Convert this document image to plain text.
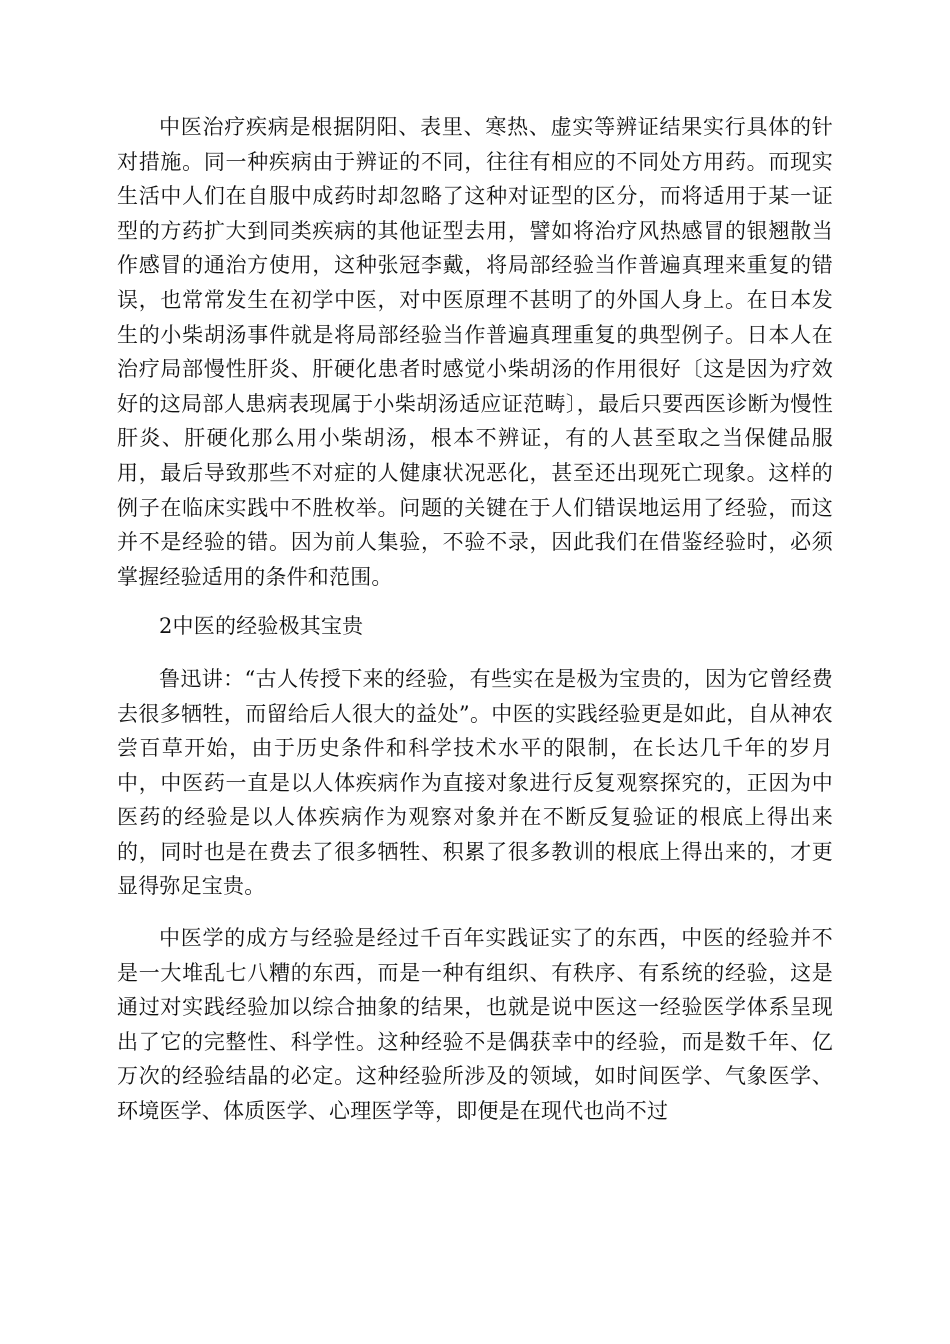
中医治疗疾病是根据阴阳、表里、寒热、虚实等辨证结果实行具体的针对措施。同一种疾病由于辨证的不同，往往有相应的不同处方用药。而现实生活中人们在自服中成药时却忽略了这种对证型的区分，而将适用于某一证型的方药扩大到同类疾病的其他证型去用，譬如将治疗风热感冒的银翘散当作感冒的通治方使用，这种张冠李戴，将局部经验当作普遍真理来重复的错误，也常常发生在初学中医，对中医原理不甚明了的外国人身上。在日本发生的小柴胡汤事件就是将局部经验当作普遍真理重复的典型例子。日本人在治疗局部慢性肝炎、肝硬化患者时感觉小柴胡汤的作用很好〔这是因为疗效好的这局部人患病表现属于小柴胡汤适应证范畴〕，最后只要西医诊断为慢性肝炎、肝硬化那么用小柴胡汤，根本不辨证，有的人甚至取之当保健品服用，最后导致那些不对症的人健康状况恶化，甚至还出现死亡现象。这样的例子在临床实践中不胜枚举。问题的关键在于人们错误地运用了经验，而这并不是经验的错。因为前人集验，不验不录，因此我们在借鉴经验时，必须掌握经验适用的条件和范围。

2中医的经验极其宝贵

鲁迅讲：“古人传授下来的经验，有些实在是极为宝贵的，因为它曾经费去很多牺牲，而留给后人很大的益处”。中医的实践经验更是如此，自从神农尝百草开始，由于历史条件和科学技术水平的限制，在长达几千年的岁月中，中医药一直是以人体疾病作为直接对象进行反复观察探究的，正因为中医药的经验是以人体疾病作为观察对象并在不断反复验证的根底上得出来的，同时也是在费去了很多牺牲、积累了很多教训的根底上得出来的，才更显得弥足宝贵。

中医学的成方与经验是经过千百年实践证实了的东西，中医的经验并不是一大堆乱七八糟的东西，而是一种有组织、有秩序、有系统的经验，这是通过对实践经验加以综合抽象的结果，也就是说中医这一经验医学体系呈现出了它的完整性、科学性。这种经验不是偶获幸中的经验，而是数千年、亿万次的经验结晶的必定。这种经验所涉及的领域，如时间医学、气象医学、环境医学、体质医学、心理医学等，即便是在现代也尚不过
